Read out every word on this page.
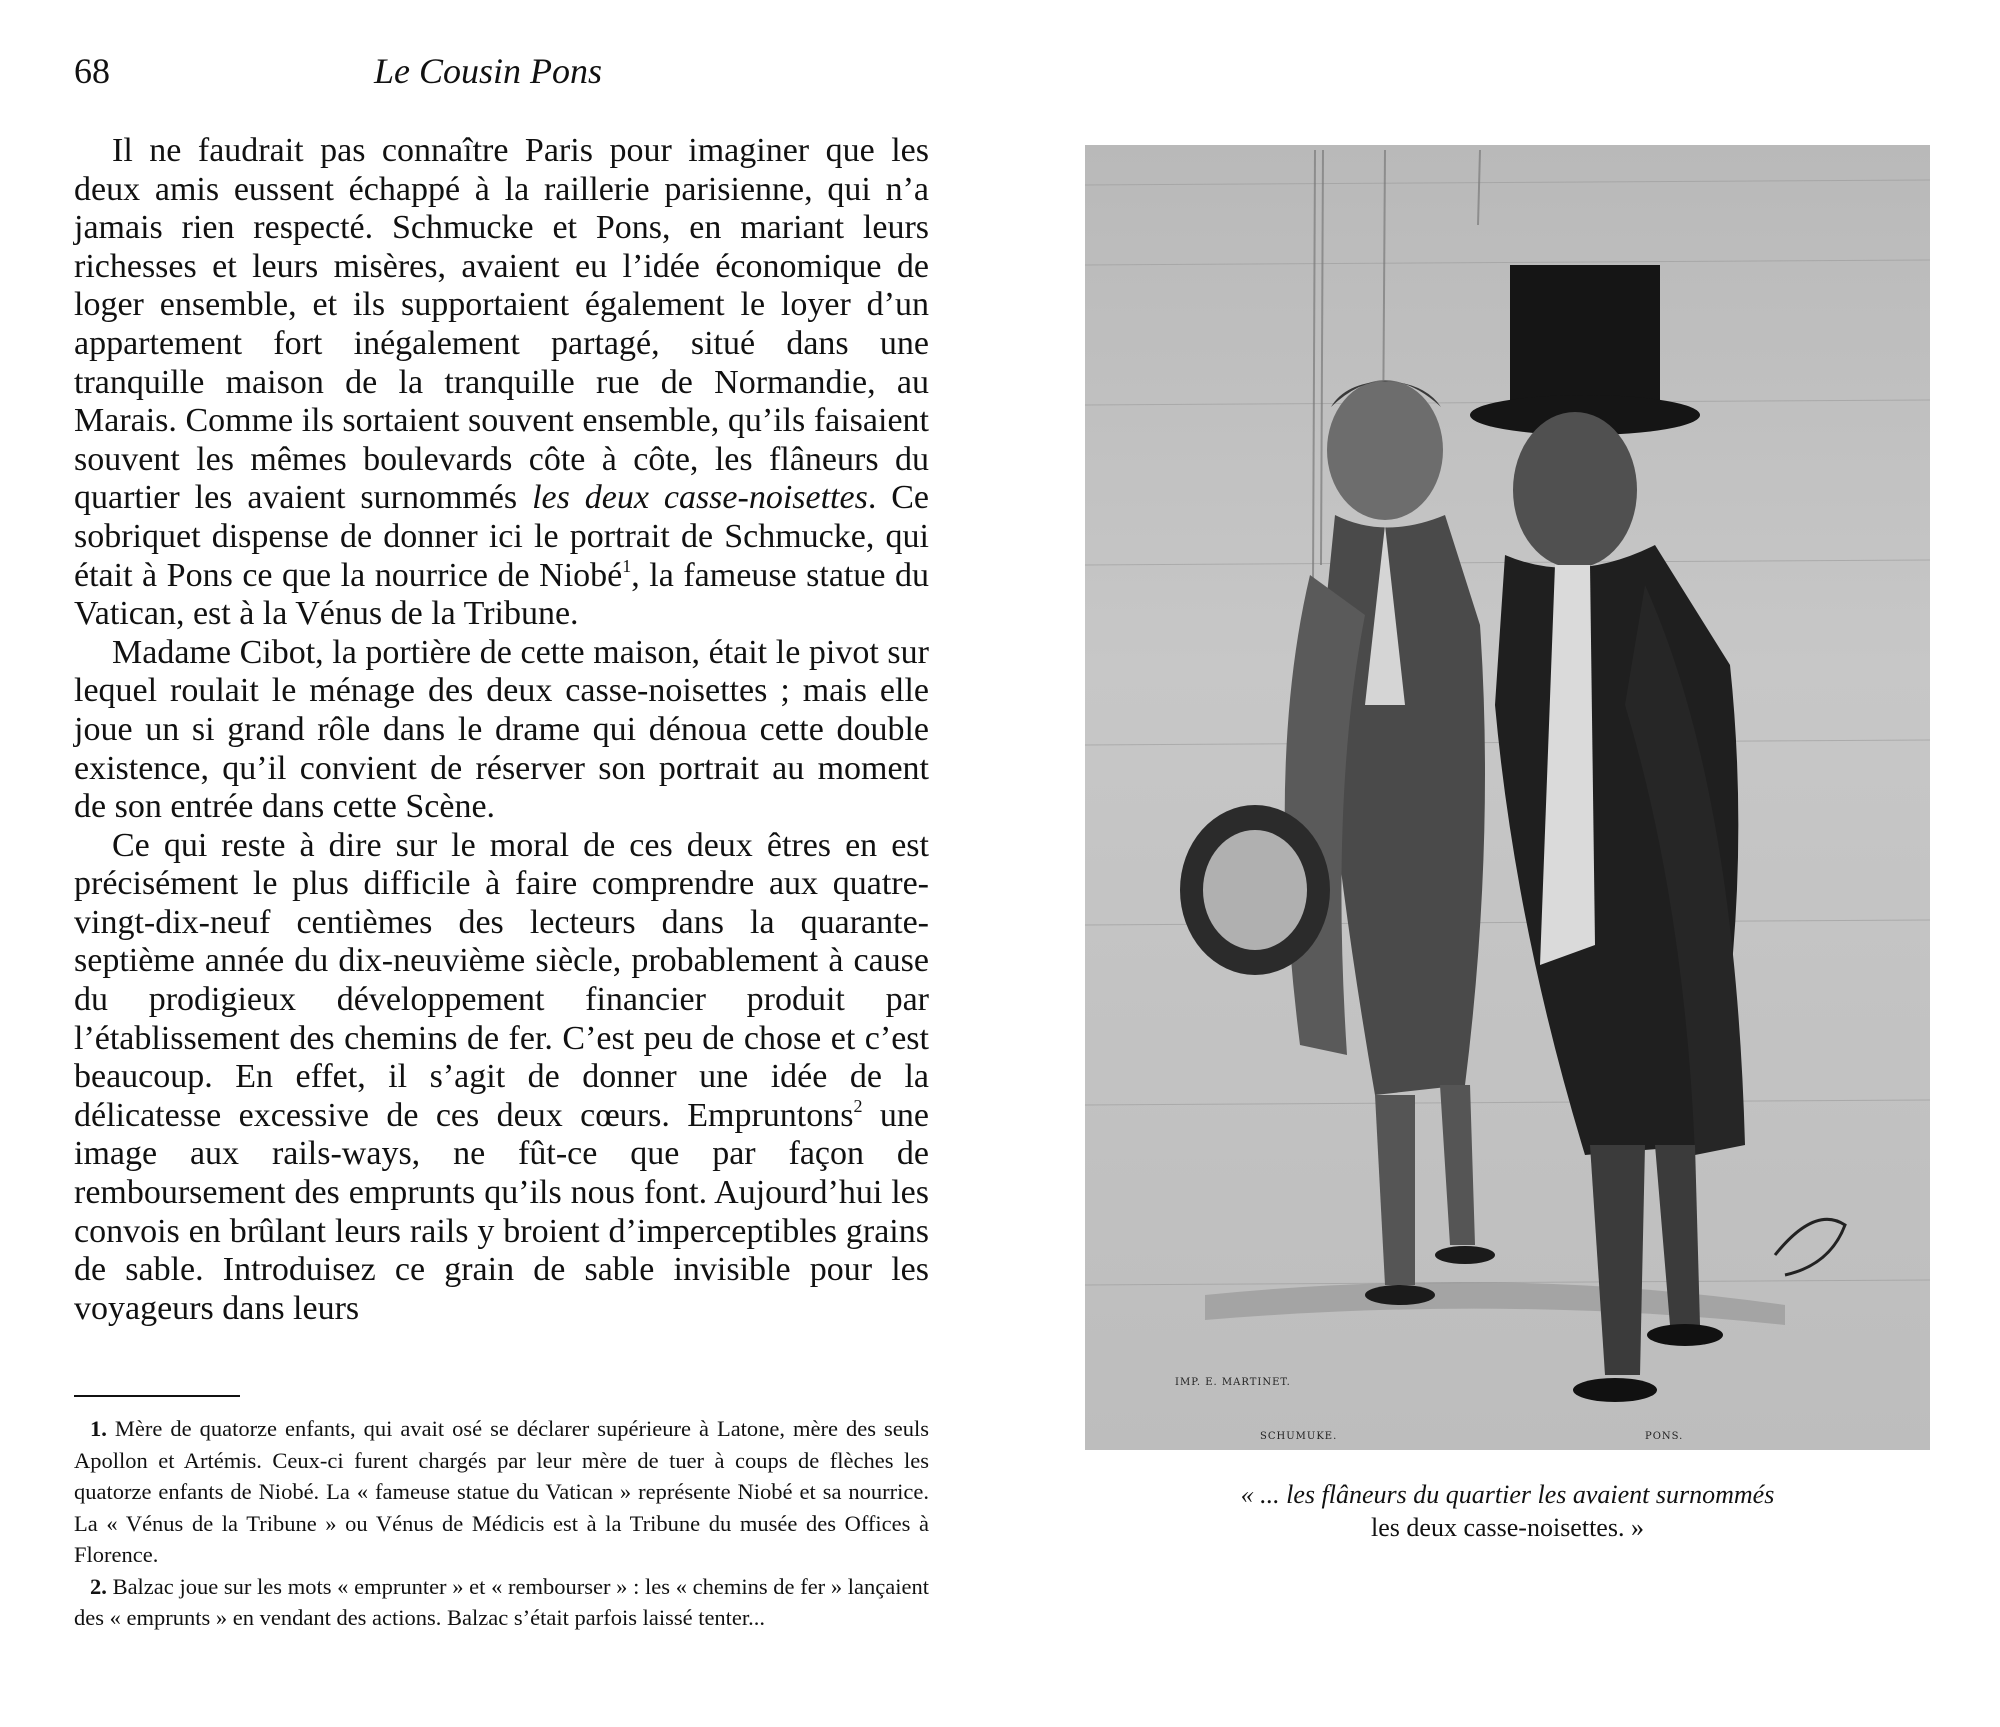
68	Le Cousin Pons

Il ne faudrait pas connaître Paris pour imaginer que les deux amis eussent échappé à la raillerie parisienne, qui n’a jamais rien respecté. Schmucke et Pons, en mariant leurs richesses et leurs misères, avaient eu l’idée économique de loger ensemble, et ils supportaient également le loyer d’un appartement fort inégalement partagé, situé dans une tranquille maison de la tranquille rue de Normandie, au Marais. Comme ils sortaient souvent ensemble, qu’ils faisaient souvent les mêmes boulevards côte à côte, les flâneurs du quartier les avaient surnommés les deux casse-noisettes. Ce sobriquet dispense de donner ici le portrait de Schmucke, qui était à Pons ce que la nourrice de Niobé$^1$, la fameuse statue du Vatican, est à la Vénus de la Tribune.

Madame Cibot, la portière de cette maison, était le pivot sur lequel roulait le ménage des deux casse-noisettes ; mais elle joue un si grand rôle dans le drame qui dénoua cette double existence, qu’il convient de réserver son portrait au moment de son entrée dans cette Scène.

Ce qui reste à dire sur le moral de ces deux êtres en est précisément le plus difficile à faire comprendre aux quatre-vingt-dix-neuf centièmes des lecteurs dans la quarante-septième année du dix-neuvième siècle, probablement à cause du prodigieux développement financier produit par l’établissement des chemins de fer. C’est peu de chose et c’est beaucoup. En effet, il s’agit de donner une idée de la délicatesse excessive de ces deux cœurs. Empruntons$^2$ une image aux rails-ways, ne fût-ce que par façon de remboursement des emprunts qu’ils nous font. Aujourd’hui les convois en brûlant leurs rails y broient d’imperceptibles grains de sable. Introduisez ce grain de sable invisible pour les voyageurs dans leurs

1. Mère de quatorze enfants, qui avait osé se déclarer supérieure à Latone, mère des seuls Apollon et Artémis. Ceux-ci furent chargés par leur mère de tuer à coups de flèches les quatorze enfants de Niobé. La « fameuse statue du Vatican » représente Niobé et sa nourrice. La « Vénus de la Tribune » ou Vénus de Médicis est à la Tribune du musée des Offices à Florence.

2. Balzac joue sur les mots « emprunter » et « rembourser » : les « chemins de fer » lançaient des « emprunts » en vendant des actions. Balzac s’était parfois laissé tenter...

IMP. E. MARTINET.
SCHUMUKE.	PONS.
« ... les flâneurs du quartier les avaient surnommés
les deux casse-noisettes. »
